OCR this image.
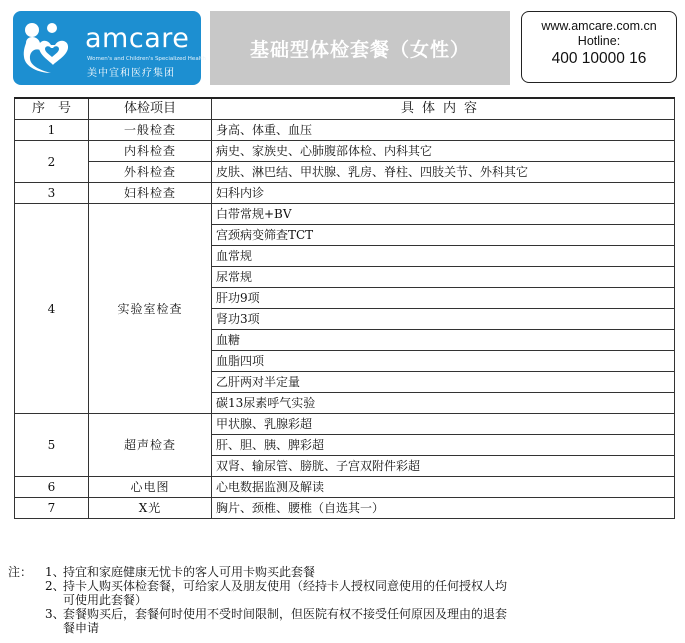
amcare
Women's and Children's Specialized Health
美中宜和医疗集团
基础型体检套餐（女性）
www.amcare.com.cn
Hotline:
400 10000 16
序　号	体检项目	具体内容
1	一般检查	身高、体重、血压
2	内科检查	病史、家族史、心肺腹部体检、内科其它
	外科检查	皮肤、淋巴结、甲状腺、乳房、脊柱、四肢关节、外科其它
3	妇科检查	妇科内诊
4	实验室检查	白带常规+BV
		宫颈病变筛查TCT
		血常规
		尿常规
		肝功9项
		肾功3项
		血糖
		血脂四项
		乙肝两对半定量
		碳13尿素呼气实验
5	超声检查	甲状腺、乳腺彩超
		肝、胆、胰、脾彩超
		双肾、输尿管、膀胱、子宫双附件彩超
6	心电图	心电数据监测及解读
7	X光	胸片、颈椎、腰椎（自选其一）
注：	1、
持宜和家庭健康无忧卡的客人可用卡购买此套餐
2、
持卡人购买体检套餐，可给家人及朋友使用（经持卡人授权同意使用的任何授权人均
可使用此套餐）
3、
套餐购买后，套餐何时使用不受时间限制，但医院有权不接受任何原因及理由的退套
餐申请
